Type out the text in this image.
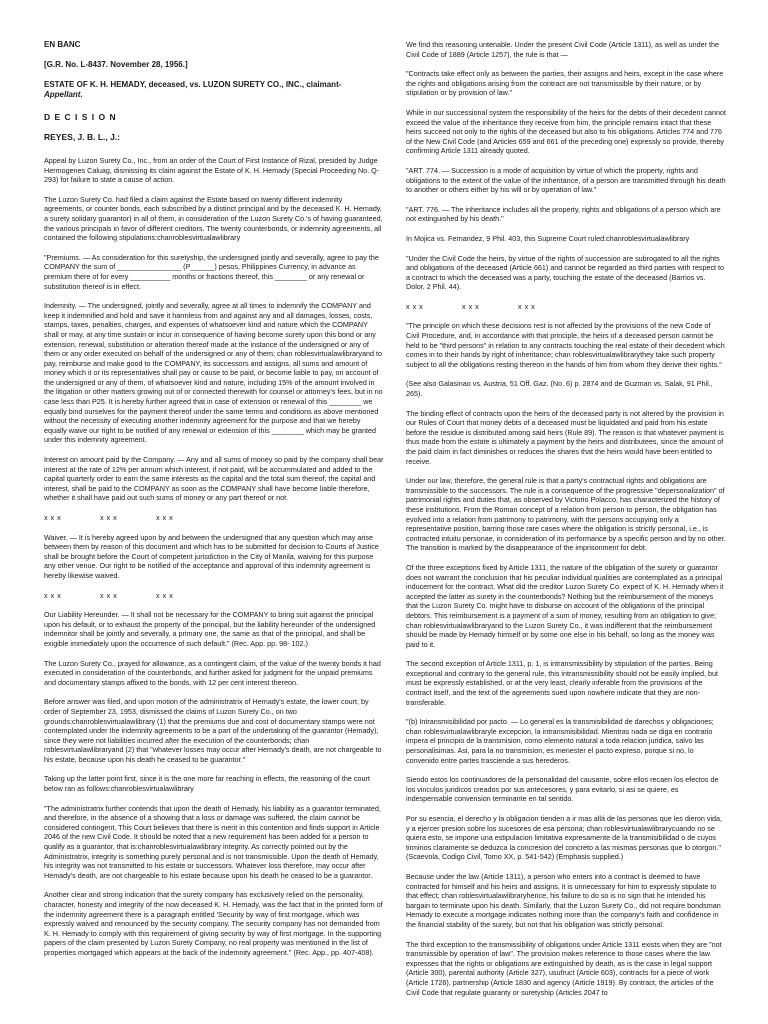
EN BANC
[G.R. No. L-8437. November 28, 1956.]
ESTATE OF K. H. HEMADY, deceased, vs. LUZON SURETY CO., INC., claimant-
Appellant.
D E C I S I O N
REYES, J. B. L., J.:

Appeal by Luzon Surety Co., Inc., from an order of the Court of First Instance of Rizal, presided by Judge Hermogenes Caluag, dismissing its claim against the Estate of K. H. Hemady (Special Proceeding No. Q-293) for failure to state a cause of action.

The Luzon Surety Co. had filed a claim against the Estate based on twenty different indemnity agreements, or counter bonds, each subscribed by a distinct principal and by the deceased K. H. Hemady, a surety solidary guarantor) in all of them, in consideration of the Luzon Surety Co.'s of having guaranteed, the various principals in favor of different creditors. The twenty counterbonds, or indemnity agreements, all contained the following stipulations:chanroblesvirtualawlibrary

"Premiums. — As consideration for this suretyship, the undersigned jointly and severally, agree to pay the COMPANY the sum of ________________ (P______) pesos, Philippines Currency, in advance as premium there of for every __________ months or fractions thereof, this ________ or any renewal or substitution thereof is in effect.

Indemnity. — The undersigned, jointly and severally, agree at all times to indemnify the COMPANY and keep it indemnified and hold and save it harmless from and against any and all damages, losses, costs, stamps, taxes, penalties, charges, and expenses of whatsoever kind and nature which the COMPANY shall or may, at any time sustain or incur in consequence of having become surety upon this bond or any extension, renewal, substitution or alteration thereof made at the instance of the undersigned or any of them or any order executed on behalf of the undersigned or any of them; chan roblesvirtualawlibraryand to pay, reimburse and make good to the COMPANY, its successors and assigns, all sums and amount of money which it or its representatives shall pay or cause to be paid, or become liable to pay, on account of the undersigned or any of them, of whatsoever kind and nature, including 15% of the amount involved in the litigation or other matters growing out of or connected therewith for counsel or attorney's fees, but in no case less than P25. It is hereby further agreed that in case of extension or renewal of this ________ we equally bind ourselves for the payment thereof under the same terms and conditions as above mentioned without the necessity of executing another indemnity agreement for the purpose and that we hereby equally waive our right to be notified of any renewal or extension of this ________ which may be granted under this indemnity agreement.

Interest on amount paid by the Company. — Any and all sums of money so paid by the company shall bear interest at the rate of 12% per annum which interest, if not paid, will be accummulated and added to the capital quarterly order to earn the same interests as the capital and the total sum thereof, the capital and interest, shall be paid to the COMPANY as soon as the COMPANY shall have become liable therefore, whether it shall have paid out such sums of money or any part thereof or not.

x x x	x x x	x x x

Waiver. — It is hereby agreed upon by and between the undersigned that any question which may arise between them by reason of this document and which has to be submitted for decision to Courts of Justice shall be brought before the Court of competent jurisdiction in the City of Manila, waiving for this purpose any other venue. Our right to be notified of the acceptance and approval of this indemnity agreement is hereby likewise waived.

x x x	x x x	x x x

Our Liability Hereunder. — It shall not be necessary for the COMPANY to bring suit against the principal upon his default, or to exhaust the property of the principal, but the liability hereunder of the undersigned indemnitor shall be jointly and severally, a primary one, the same as that of the principal, and shall be exigible immediately upon the occurrence of such default." (Rec. App. pp. 98- 102.)

The Luzon Surety Co., prayed for allowance, as a contingent claim, of the value of the twenty bonds it had executed in consideration of the counterbonds, and further asked for judgment for the unpaid premiums and documentary stamps affixed to the bonds, with 12 per cent interest thereon.

Before answer was filed, and upon motion of the administratrix of Hemady's estate, the lower court, by order of September 23, 1953, dismissed the claims of Luzon Surety Co., on two grounds:chanroblesvirtualawlibrary (1) that the premiums due and cost of documentary stamps were not contemplated under the indemnity agreements to be a part of the undertaking of the guarantor (Hemady), since they were not liabilities incurred after the execution of the counterbonds; chan roblesvirtualawlibraryand (2) that "whatever losses may occur after Hemady's death, are not chargeable to his estate, because upon his death he ceased to be guarantor."

Taking up the latter point first, since it is the one more far reaching in effects, the reasoning of the court below ran as follows:chanroblesvirtualawlibrary

"The administratrix further contends that upon the death of Hemady, his liability as a guarantor terminated, and therefore, in the absence of a showing that a loss or damage was suffered, the claim cannot be considered contingent. This Court believes that there is merit in this contention and finds support in Article 2046 of the new Civil Code. It should be noted that a new requirement has been added for a person to qualify as a guarantor, that is:chanroblesvirtualawlibrary integrity. As correctly pointed out by the Administratrix, integrity is something purely personal and is not transmissible. Upon the death of Hemady, his integrity was not transmitted to his estate or successors. Whatever loss therefore, may occur after Hemady's death, are not chargeable to his estate because upon his death he ceased to be a guarantor.

Another clear and strong indication that the surety company has exclusively relied on the personality, character, honesty and integrity of the now deceased K. H. Hemady, was the fact that in the printed form of the indemnity agreement there is a paragraph entitled 'Security by way of first mortgage, which was expressly waived and renounced by the security company. The security company has not demanded from K. H. Hemady to comply with this requirement of giving security by way of first mortgage. In the supporting papers of the claim presented by Luzon Surety Company, no real property was mentioned in the list of properties mortgaged which appears at the back of the indemnity agreement." (Rec. App., pp. 407-408).

We find this reasoning untenable. Under the present Civil Code (Article 1311), as well as under the Civil Code of 1889 (Article 1257), the rule is that —

"Contracts take effect only as between the parties, their assigns and heirs, except in the case where the rights and obligations arising from the contract are not transmissible by their nature, or by stipulation or by provision of law."

While in our successional system the responsibility of the heirs for the debts of their decedent cannot exceed the value of the inheritance they receive from him, the principle remains intact that these heirs succeed not only to the rights of the deceased but also to his obligations. Articles 774 and 776 of the New Civil Code (and Articles 659 and 661 of the preceding one) expressly so provide, thereby confirming Article 1311 already quoted.

"ART. 774. — Succession is a mode of acquisition by virtue of which the property, rights and obligations to the extent of the value of the inheritance, of a person are transmitted through his death to another or others either by his will or by operation of law."

"ART. 776. — The inheritance includes all the property, rights and obligations of a person which are not extinguished by his death."

In Mojica vs. Fernandez, 9 Phil. 403, this Supreme Court ruled:chanroblesvirtualawlibrary

"Under the Civil Code the heirs, by virtue of the rights of succession are subrogated to all the rights and obligations of the deceased (Article 661) and cannot be regarded as third parties with respect to a contract to which the deceased was a party, touching the estate of the deceased (Barrios vs. Dolor, 2 Phil. 44).

x x x	x x x	x x x

"The principle on which these decisions rest is not affected by the provisions of the new Code of Civil Procedure, and, in accordance with that principle, the heirs of a deceased person cannot be held to be "third persons" in relation to any contracts touching the real estate of their decedent which comes in to their hands by right of inheritance; chan roblesvirtualawlibrarythey take such property subject to all the obligations resting thereon in the hands of him from whom they derive their rights."

(See also Galasinao vs. Austria, 51 Off. Gaz. (No. 6) p. 2874 and de Guzman vs. Salak, 91 Phil., 265).

The binding effect of contracts upon the heirs of the deceased party is not altered by the provision in our Rules of Court that money debts of a deceased must be liquidated and paid from his estate before the residue is distributed among said heirs (Rule 89). The reason is that whatever payment is thus made from the estate is ultimately a payment by the heirs and distributees, since the amount of the paid claim in fact diminishes or reduces the shares that the heirs would have been entitled to receive.

Under our law, therefore, the general rule is that a party's contractual rights and obligations are transmissible to the successors. The rule is a consequence of the progressive "depersonalization" of patrimonial rights and duties that, as observed by Victorio Polacco, has characterized the history of these institutions. From the Roman concept of a relation from person to person, the obligation has evolved into a relation from patrimony to patrimony, with the persons occupying only a representative position, barring those rare cases where the obligation is strictly personal, i.e., is contracted intuitu personae, in consideration of its performance by a specific person and by no other. The transition is marked by the disappearance of the imprisonment for debt.

Of the three exceptions fixed by Article 1311, the nature of the obligation of the surety or guarantor does not warrant the conclusion that his peculiar individual qualities are contemplated as a principal inducement for the contract. What did the creditor Luzon Surety Co. expect of K. H. Hemady when it accepted the latter as surety in the counterbonds? Nothing but the reimbursement of the moneys that the Luzon Surety Co. might have to disburse on account of the obligations of the principal debtors. This reimbursement is a payment of a sum of money, resulting from an obligation to give; chan roblesvirtualawlibraryand to the Luzon Surety Co., it was indifferent that the reimbursement should be made by Hemady himself or by some one else in his behalf, so long as the money was paid to it.

The second exception of Article 1311, p. 1, is intransmissibility by stipulation of the parties. Being exceptional and contrary to the general rule, this intransmissibility should not be easily implied, but must be expressly established, or at the very least, clearly inferable from the provisions of the contract itself, and the text of the agreements sued upon nowhere indicate that they are non-transferable.

"(b) Intransmisibilidad por pacto. — Lo general es la transmisibilidad de darechos y obligaciones; chan roblesvirtualawlibraryle excepcion, la intransmisibilidad. Mientras nada se diga en contrario impera el principio de la transmision, como elemento natural a toda relacion juridica, salvo las personalisimas. Asi, para la no transmision, es menester el pacto expreso, porque si no, lo convenido entre partes trasciende a sus herederos.

Siendo estos los continuadores de la personalidad del causante, sobre ellos recaen los efectos de los vinculos juridicos creados por sus antecesores, y para evitarlo, si asi se quiere, es indespensable convension terminante en tal sentido.

Por su esencia, el derecho y la obligacion tienden a ir mas allá de las personas que les dieron vida, y a ejercer presion sobre los sucesores de esa persona; chan roblesvirtualawlibrarycuando no se quiera esto, se impone una estipulacion limitativa expresamente de la transmisibilidad o de cuyos tirminos claramente se deduzca la concresion del concreto a las mismas personas que lo otorgon." (Scaevola, Codigo Civil, Tomo XX, p. 541-542) (Emphasis supplied.)

Because under the law (Article 1311), a person who enters into a contract is deemed to have contracted for himself and his heirs and assigns, it is unnecessary for him to expressly stipulate to that effect; chan roblesvirtualawlibraryhence, his failure to do so is no sign that he intended his bargain to terminate upon his death. Similarly, that the Luzon Surety Co., did not require bondsman Hemady to execute a mortgage indicates nothing more than the company's faith and confidence in the financial stability of the surety, but not that his obligation was strictly personal.

The third exception to the transmissibility of obligations under Article 1311 exists when they are "not transmissible by operation of law". The provision makes reference to those cases where the law expresses that the rights or obligations are extinguished by death, as is the case in legal support (Article 300), parental authority (Article 327), usufruct (Article 603), contracts for a piece of work (Article 1726), partnership (Article 1830 and agency (Article 1919). By contract, the articles of the Civil Code that regulate guaranty or suretyship (Articles 2047 to
